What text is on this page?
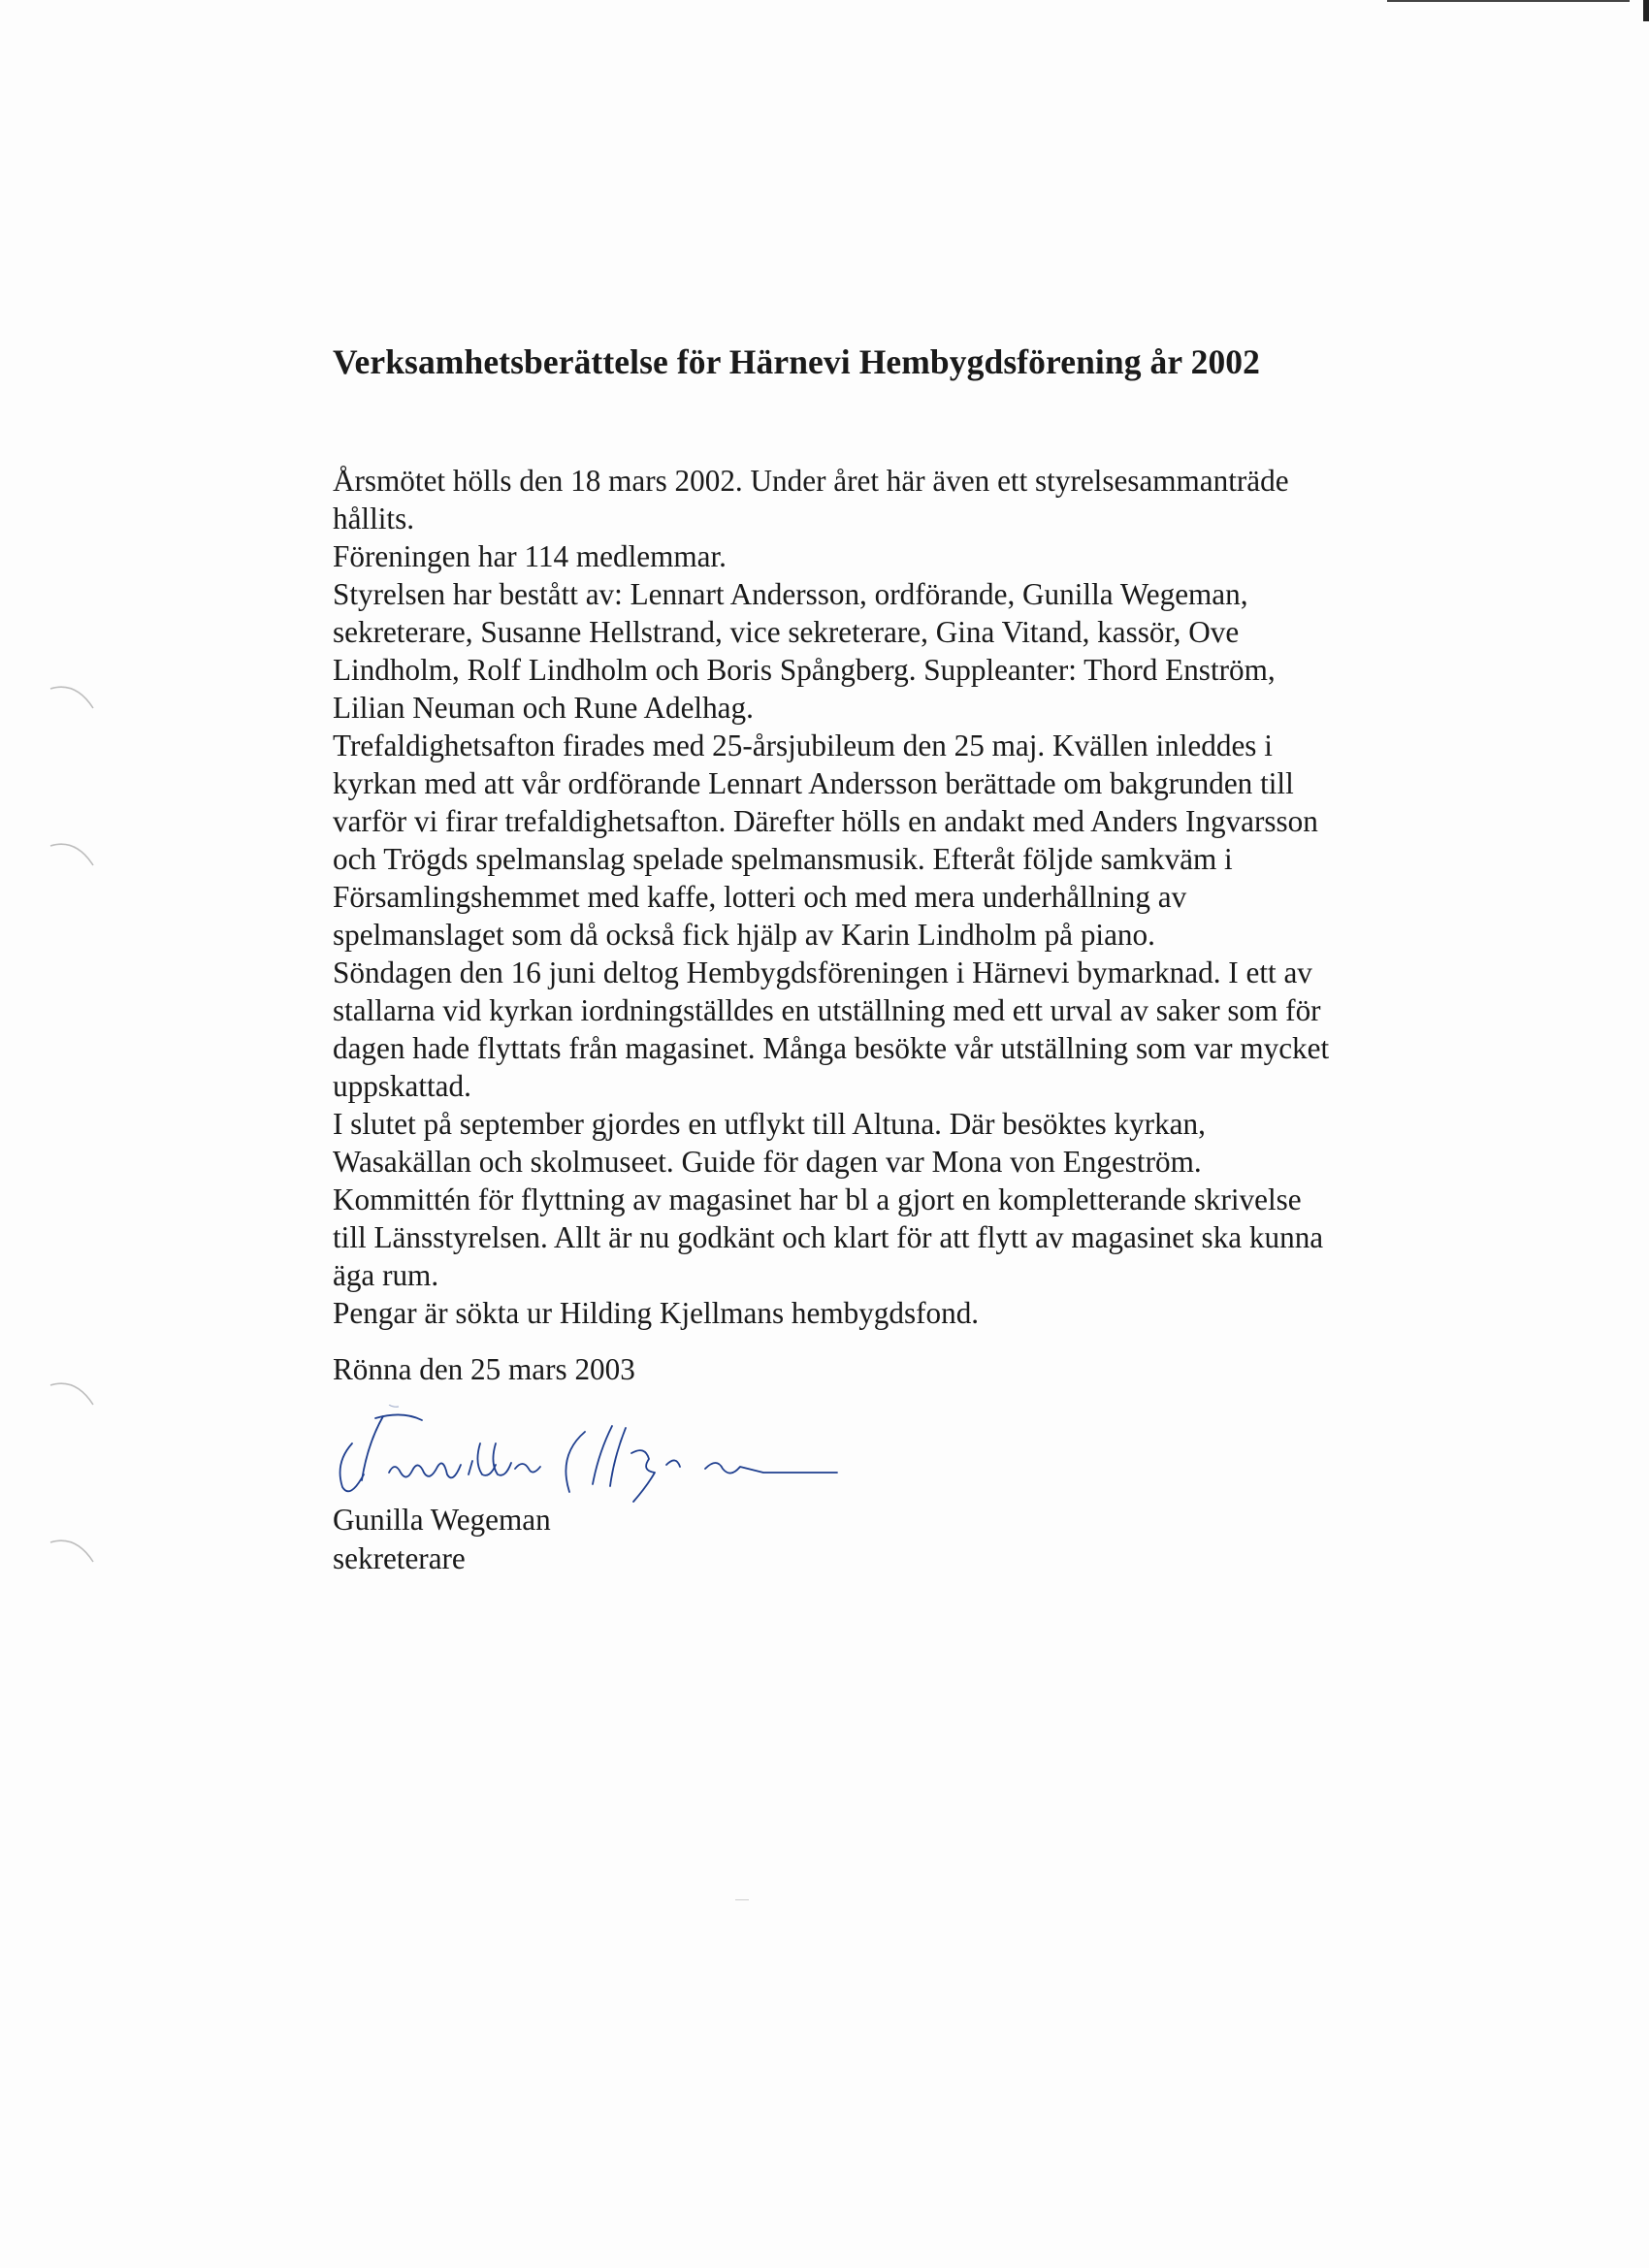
Verksamhetsberättelse för Härnevi Hembygdsförening år 2002
Årsmötet hölls den 18 mars 2002. Under året här även ett styrelsesammanträde
hållits.
Föreningen har 114 medlemmar.
Styrelsen har bestått av: Lennart Andersson, ordförande, Gunilla Wegeman,
sekreterare, Susanne Hellstrand, vice sekreterare, Gina Vitand, kassör, Ove
Lindholm, Rolf Lindholm och Boris Spångberg. Suppleanter: Thord Enström,
Lilian Neuman och Rune Adelhag.
Trefaldighetsafton firades med 25-årsjubileum den 25 maj. Kvällen inleddes i
kyrkan med att vår ordförande Lennart Andersson berättade om bakgrunden till
varför vi firar trefaldighetsafton. Därefter hölls en andakt med Anders Ingvarsson
och Trögds spelmanslag spelade spelmansmusik. Efteråt följde samkväm i
Församlingshemmet med kaffe, lotteri och med mera underhållning av
spelmanslaget som då också fick hjälp av Karin Lindholm på piano.
Söndagen den 16 juni deltog Hembygdsföreningen i Härnevi bymarknad. I ett av
stallarna vid kyrkan iordningställdes en utställning med ett urval av saker som för
dagen hade flyttats från magasinet. Många besökte vår utställning som var mycket
uppskattad.
I slutet på september gjordes en utflykt till Altuna. Där besöktes kyrkan,
Wasakällan och skolmuseet. Guide för dagen var Mona von Engeström.
Kommittén för flyttning av magasinet har bl a gjort en kompletterande skrivelse
till Länsstyrelsen. Allt är nu godkänt och klart för att flytt av magasinet ska kunna
äga rum.
Pengar är sökta ur Hilding Kjellmans hembygdsfond.
Rönna den 25 mars 2003
Gunilla Wegeman
sekreterare
